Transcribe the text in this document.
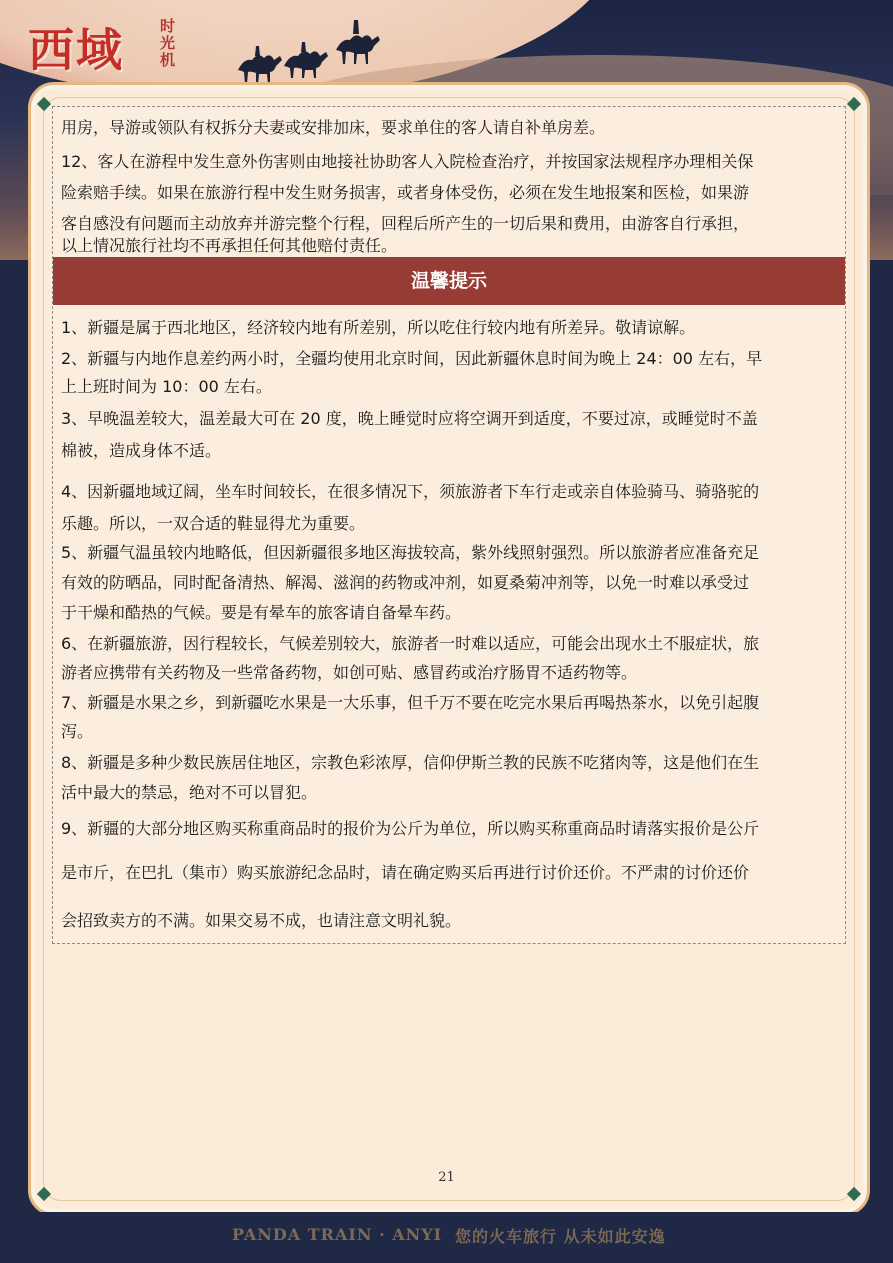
西域 时光机
用房，导游或领队有权拆分夫妻或安排加床，要求单住的客人请自补单房差。
12、客人在游程中发生意外伤害则由地接社协助客人入院检查治疗，并按国家法规程序办理相关保
险索赔手续。如果在旅游行程中发生财务损害，或者身体受伤，必须在发生地报案和医检，如果游
客自感没有问题而主动放弃并游完整个行程，回程后所产生的一切后果和费用，由游客自行承担，
以上情况旅行社均不再承担任何其他赔付责任。
温馨提示
1、新疆是属于西北地区，经济较内地有所差别，所以吃住行较内地有所差异。敬请谅解。
2、新疆与内地作息差约两小时，全疆均使用北京时间，因此新疆休息时间为晚上 24：00 左右，早
上上班时间为 10：00 左右。
3、早晚温差较大，温差最大可在 20 度，晚上睡觉时应将空调开到适度，不要过凉，或睡觉时不盖
棉被，造成身体不适。
4、因新疆地域辽阔，坐车时间较长，在很多情况下，须旅游者下车行走或亲自体验骑马、骑骆驼的
乐趣。所以，一双合适的鞋显得尤为重要。
5、新疆气温虽较内地略低，但因新疆很多地区海拔较高，紫外线照射强烈。所以旅游者应准备充足
有效的防晒品，同时配备清热、解渴、滋润的药物或冲剂，如夏桑菊冲剂等，以免一时难以承受过
于干燥和酷热的气候。要是有晕车的旅客请自备晕车药。
6、在新疆旅游，因行程较长，气候差别较大，旅游者一时难以适应，可能会出现水土不服症状，旅
游者应携带有关药物及一些常备药物，如创可贴、感冒药或治疗肠胃不适药物等。
7、新疆是水果之乡，到新疆吃水果是一大乐事，但千万不要在吃完水果后再喝热茶水，以免引起腹
泻。
8、新疆是多种少数民族居住地区，宗教色彩浓厚，信仰伊斯兰教的民族不吃猪肉等，这是他们在生
活中最大的禁忌，绝对不可以冒犯。
9、新疆的大部分地区购买称重商品时的报价为公斤为单位，所以购买称重商品时请落实报价是公斤
是市斤，在巴扎（集市）购买旅游纪念品时，请在确定购买后再进行讨价还价。不严肃的讨价还价
会招致卖方的不满。如果交易不成，也请注意文明礼貌。
21
PANDA TRAIN · ANYI 您的火车旅行 从未如此安逸
